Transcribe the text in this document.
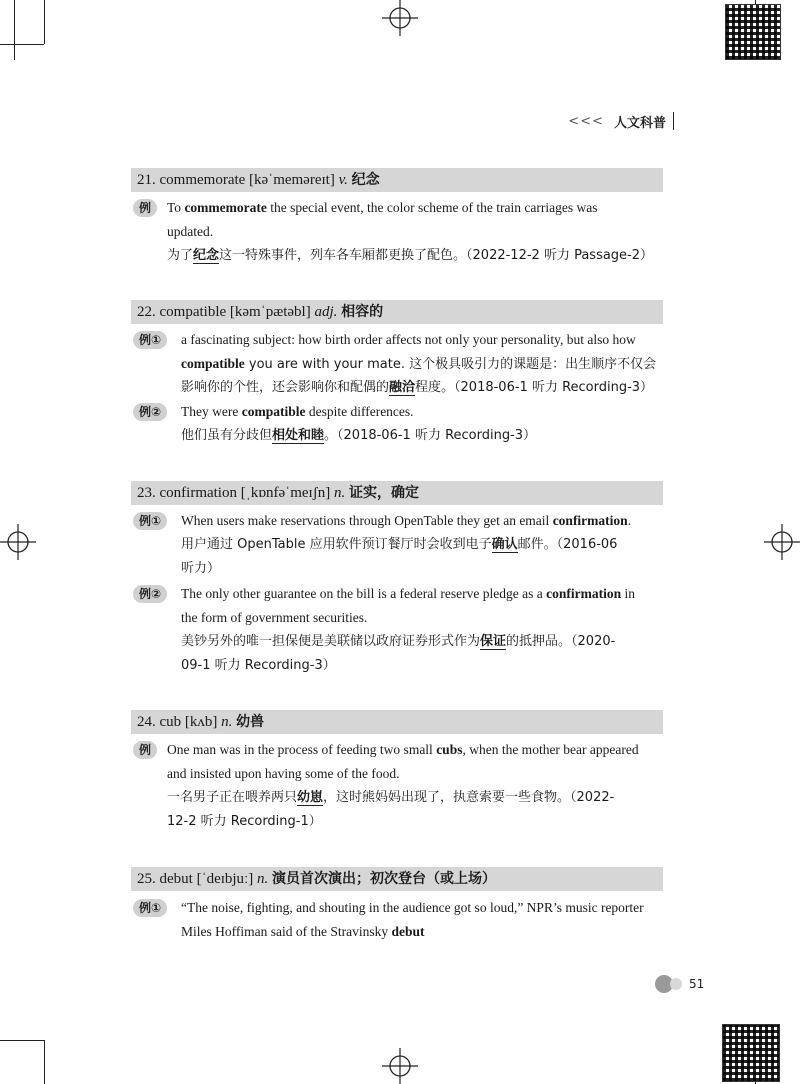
<<< 人文科普
21. commemorate [kəˈmeməreɪt] v. 纪念
例	To commemorate the special event, the color scheme of the train carriages was
updated.
为了纪念这一特殊事件，列车各车厢都更换了配色。（2022-12-2 听力 Passage-2）
22. compatible [kəmˈpætəbl] adj. 相容的
例①	a fascinating subject: how birth order affects not only your personality, but also how
compatible you are with your mate. 这个极具吸引力的课题是：出生顺序不仅会
影响你的个性，还会影响你和配偶的融洽程度。（2018-06-1 听力 Recording-3）
例②	They were compatible despite differences.
他们虽有分歧但相处和睦。（2018-06-1 听力 Recording-3）
23. confirmation [ˌkɒnfəˈmeɪʃn] n. 证实，确定
例①	When users make reservations through OpenTable they get an email confirmation.
用户通过 OpenTable 应用软件预订餐厅时会收到电子确认邮件。（2016-06
听力）
例②	The only other guarantee on the bill is a federal reserve pledge as a confirmation in
the form of government securities.
美钞另外的唯一担保便是美联储以政府证券形式作为保证的抵押品。（2020-
09-1 听力 Recording-3）
24. cub [kʌb] n. 幼兽
例	One man was in the process of feeding two small cubs, when the mother bear appeared
and insisted upon having some of the food.
一名男子正在喂养两只幼崽，这时熊妈妈出现了，执意索要一些食物。（2022-
12-2 听力 Recording-1）
25. debut [ˈdeɪbjuː] n. 演员首次演出；初次登台（或上场）
例①	“The noise, fighting, and shouting in the audience got so loud,” NPR’s music reporter
Miles Hoffiman said of the Stravinsky debut
51
